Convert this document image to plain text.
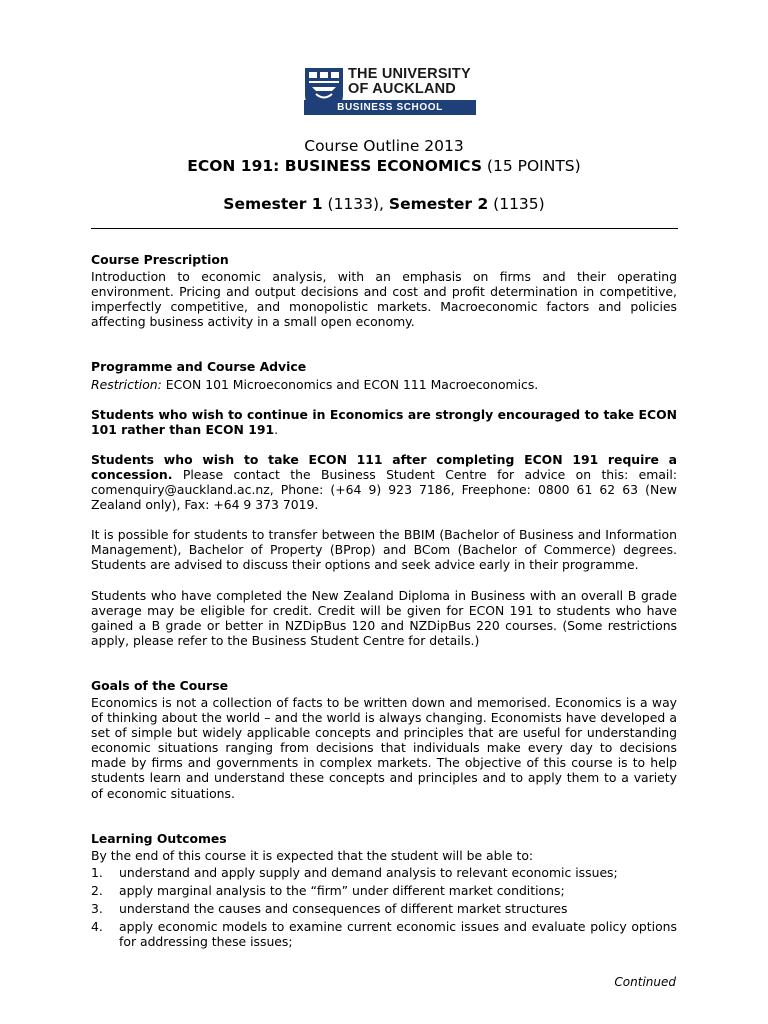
THE UNIVERSITY
OF AUCKLAND
BUSINESS SCHOOL
Course Outline 2013
ECON 191: BUSINESS ECONOMICS (15 POINTS)
Semester 1 (1133), Semester 2 (1135)
Course Prescription

Introduction to economic analysis, with an emphasis on firms and their operating environment. Pricing and output decisions and cost and profit determination in competitive, imperfectly competitive, and monopolistic markets. Macroeconomic factors and policies affecting business activity in a small open economy.

Programme and Course Advice

Restriction: ECON 101 Microeconomics and ECON 111 Macroeconomics.

Students who wish to continue in Economics are strongly encouraged to take ECON 101 rather than ECON 191.

Students who wish to take ECON 111 after completing ECON 191 require a concession. Please contact the Business Student Centre for advice on this: email: comenquiry@auckland.ac.nz, Phone: (+64 9) 923 7186, Freephone: 0800 61 62 63 (New Zealand only), Fax: +64 9 373 7019.

It is possible for students to transfer between the BBIM (Bachelor of Business and Information Management), Bachelor of Property (BProp) and BCom (Bachelor of Commerce) degrees. Students are advised to discuss their options and seek advice early in their programme.

Students who have completed the New Zealand Diploma in Business with an overall B grade average may be eligible for credit. Credit will be given for ECON 191 to students who have gained a B grade or better in NZDipBus 120 and NZDipBus 220 courses. (Some restrictions apply, please refer to the Business Student Centre for details.)

Goals of the Course

Economics is not a collection of facts to be written down and memorised. Economics is a way of thinking about the world – and the world is always changing. Economists have developed a set of simple but widely applicable concepts and principles that are useful for understanding economic situations ranging from decisions that individuals make every day to decisions made by firms and governments in complex markets. The objective of this course is to help students learn and understand these concepts and principles and to apply them to a variety of economic situations.

Learning Outcomes

By the end of this course it is expected that the student will be able to:

1. understand and apply supply and demand analysis to relevant economic issues;
2. apply marginal analysis to the “firm” under different market conditions;
3. understand the causes and consequences of different market structures
4. apply economic models to examine current economic issues and evaluate policy options for addressing these issues;
Continued
